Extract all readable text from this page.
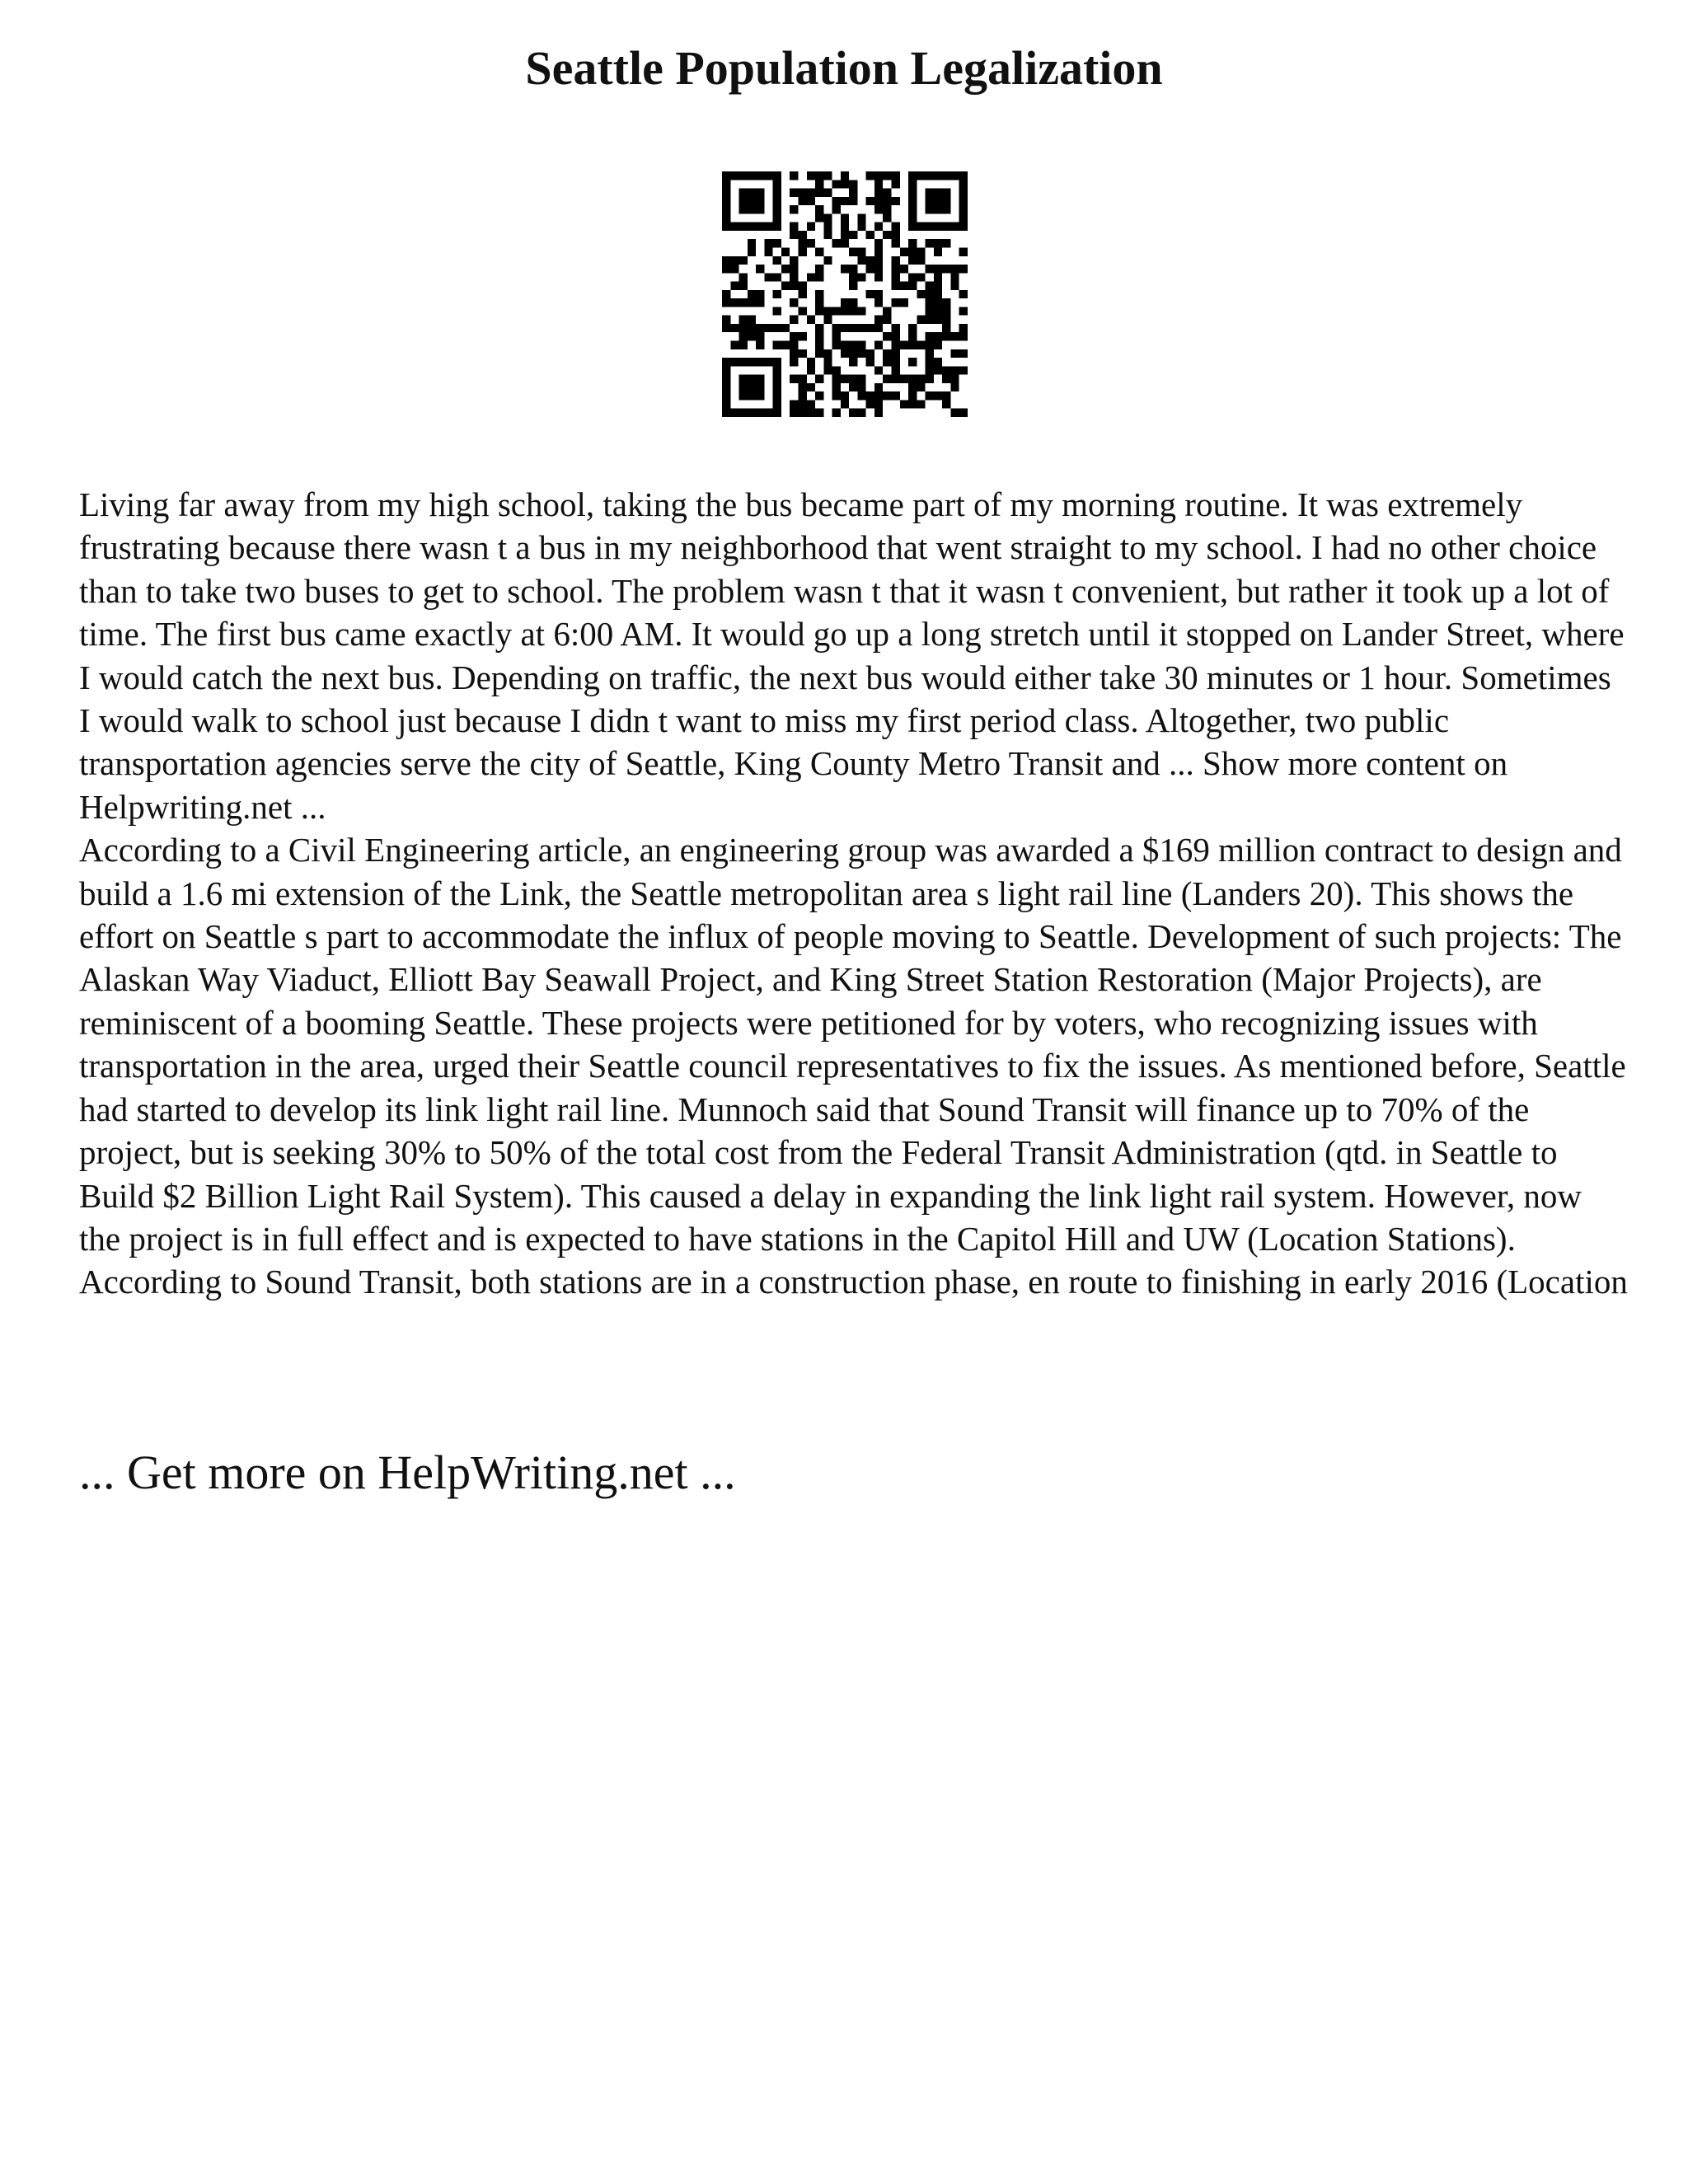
Seattle Population Legalization

Living far away from my high school, taking the bus became part of my morning routine. It was extremely frustrating because there wasn t a bus in my neighborhood that went straight to my school. I had no other choice than to take two buses to get to school. The problem wasn t that it wasn t convenient, but rather it took up a lot of time. The first bus came exactly at 6:00 AM. It would go up a long stretch until it stopped on Lander Street, where I would catch the next bus. Depending on traffic, the next bus would either take 30 minutes or 1 hour. Sometimes I would walk to school just because I didn t want to miss my first period class. Altogether, two public transportation agencies serve the city of Seattle, King County Metro Transit and ... Show more content on Helpwriting.net ...

According to a Civil Engineering article, an engineering group was awarded a $169 million contract to design and build a 1.6 mi extension of the Link, the Seattle metropolitan area s light rail line (Landers 20). This shows the effort on Seattle s part to accommodate the influx of people moving to Seattle. Development of such projects: The Alaskan Way Viaduct, Elliott Bay Seawall Project, and King Street Station Restoration (Major Projects), are reminiscent of a booming Seattle. These projects were petitioned for by voters, who recognizing issues with transportation in the area, urged their Seattle council representatives to fix the issues. As mentioned before, Seattle had started to develop its link light rail line. Munnoch said that Sound Transit will finance up to 70% of the project, but is seeking 30% to 50% of the total cost from the Federal Transit Administration (qtd. in Seattle to Build $2 Billion Light Rail System). This caused a delay in expanding the link light rail system. However, now the project is in full effect and is expected to have stations in the Capitol Hill and UW (Location Stations). According to Sound Transit, both stations are in a construction phase, en route to finishing in early 2016 (Location

... Get more on HelpWriting.net ...
